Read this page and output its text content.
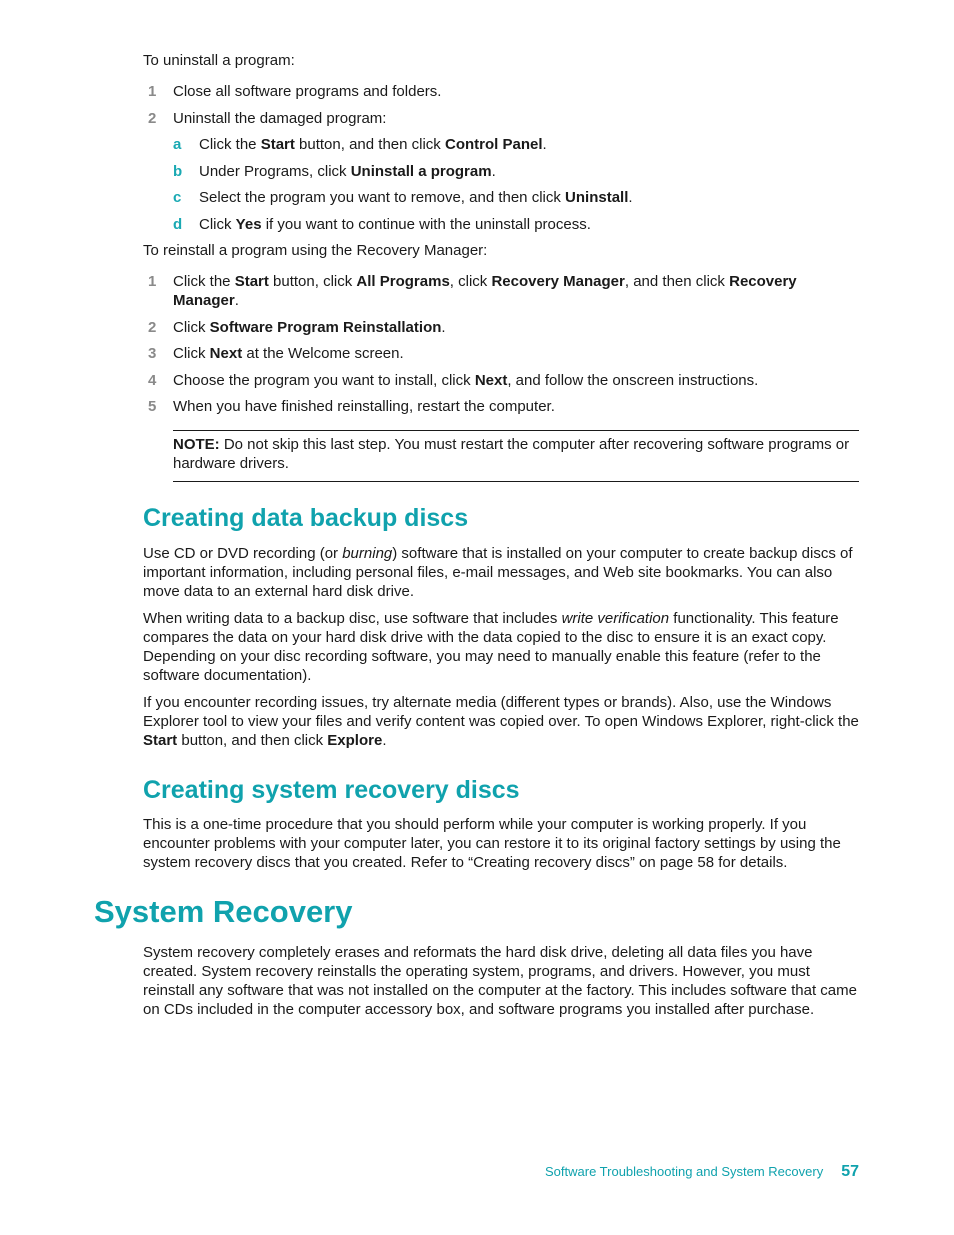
To uninstall a program:
1 Close all software programs and folders.
2 Uninstall the damaged program:
a Click the Start button, and then click Control Panel.
b Under Programs, click Uninstall a program.
c Select the program you want to remove, and then click Uninstall.
d Click Yes if you want to continue with the uninstall process.
To reinstall a program using the Recovery Manager:
1 Click the Start button, click All Programs, click Recovery Manager, and then click Recovery Manager.
2 Click Software Program Reinstallation.
3 Click Next at the Welcome screen.
4 Choose the program you want to install, click Next, and follow the onscreen instructions.
5 When you have finished reinstalling, restart the computer.
NOTE: Do not skip this last step. You must restart the computer after recovering software programs or hardware drivers.
Creating data backup discs
Use CD or DVD recording (or burning) software that is installed on your computer to create backup discs of important information, including personal files, e-mail messages, and Web site bookmarks. You can also move data to an external hard disk drive.
When writing data to a backup disc, use software that includes write verification functionality. This feature compares the data on your hard disk drive with the data copied to the disc to ensure it is an exact copy. Depending on your disc recording software, you may need to manually enable this feature (refer to the software documentation).
If you encounter recording issues, try alternate media (different types or brands). Also, use the Windows Explorer tool to view your files and verify content was copied over. To open Windows Explorer, right-click the Start button, and then click Explore.
Creating system recovery discs
This is a one-time procedure that you should perform while your computer is working properly. If you encounter problems with your computer later, you can restore it to its original factory settings by using the system recovery discs that you created. Refer to “Creating recovery discs” on page 58 for details.
System Recovery
System recovery completely erases and reformats the hard disk drive, deleting all data files you have created. System recovery reinstalls the operating system, programs, and drivers. However, you must reinstall any software that was not installed on the computer at the factory. This includes software that came on CDs included in the computer accessory box, and software programs you installed after purchase.
Software Troubleshooting and System Recovery 57
